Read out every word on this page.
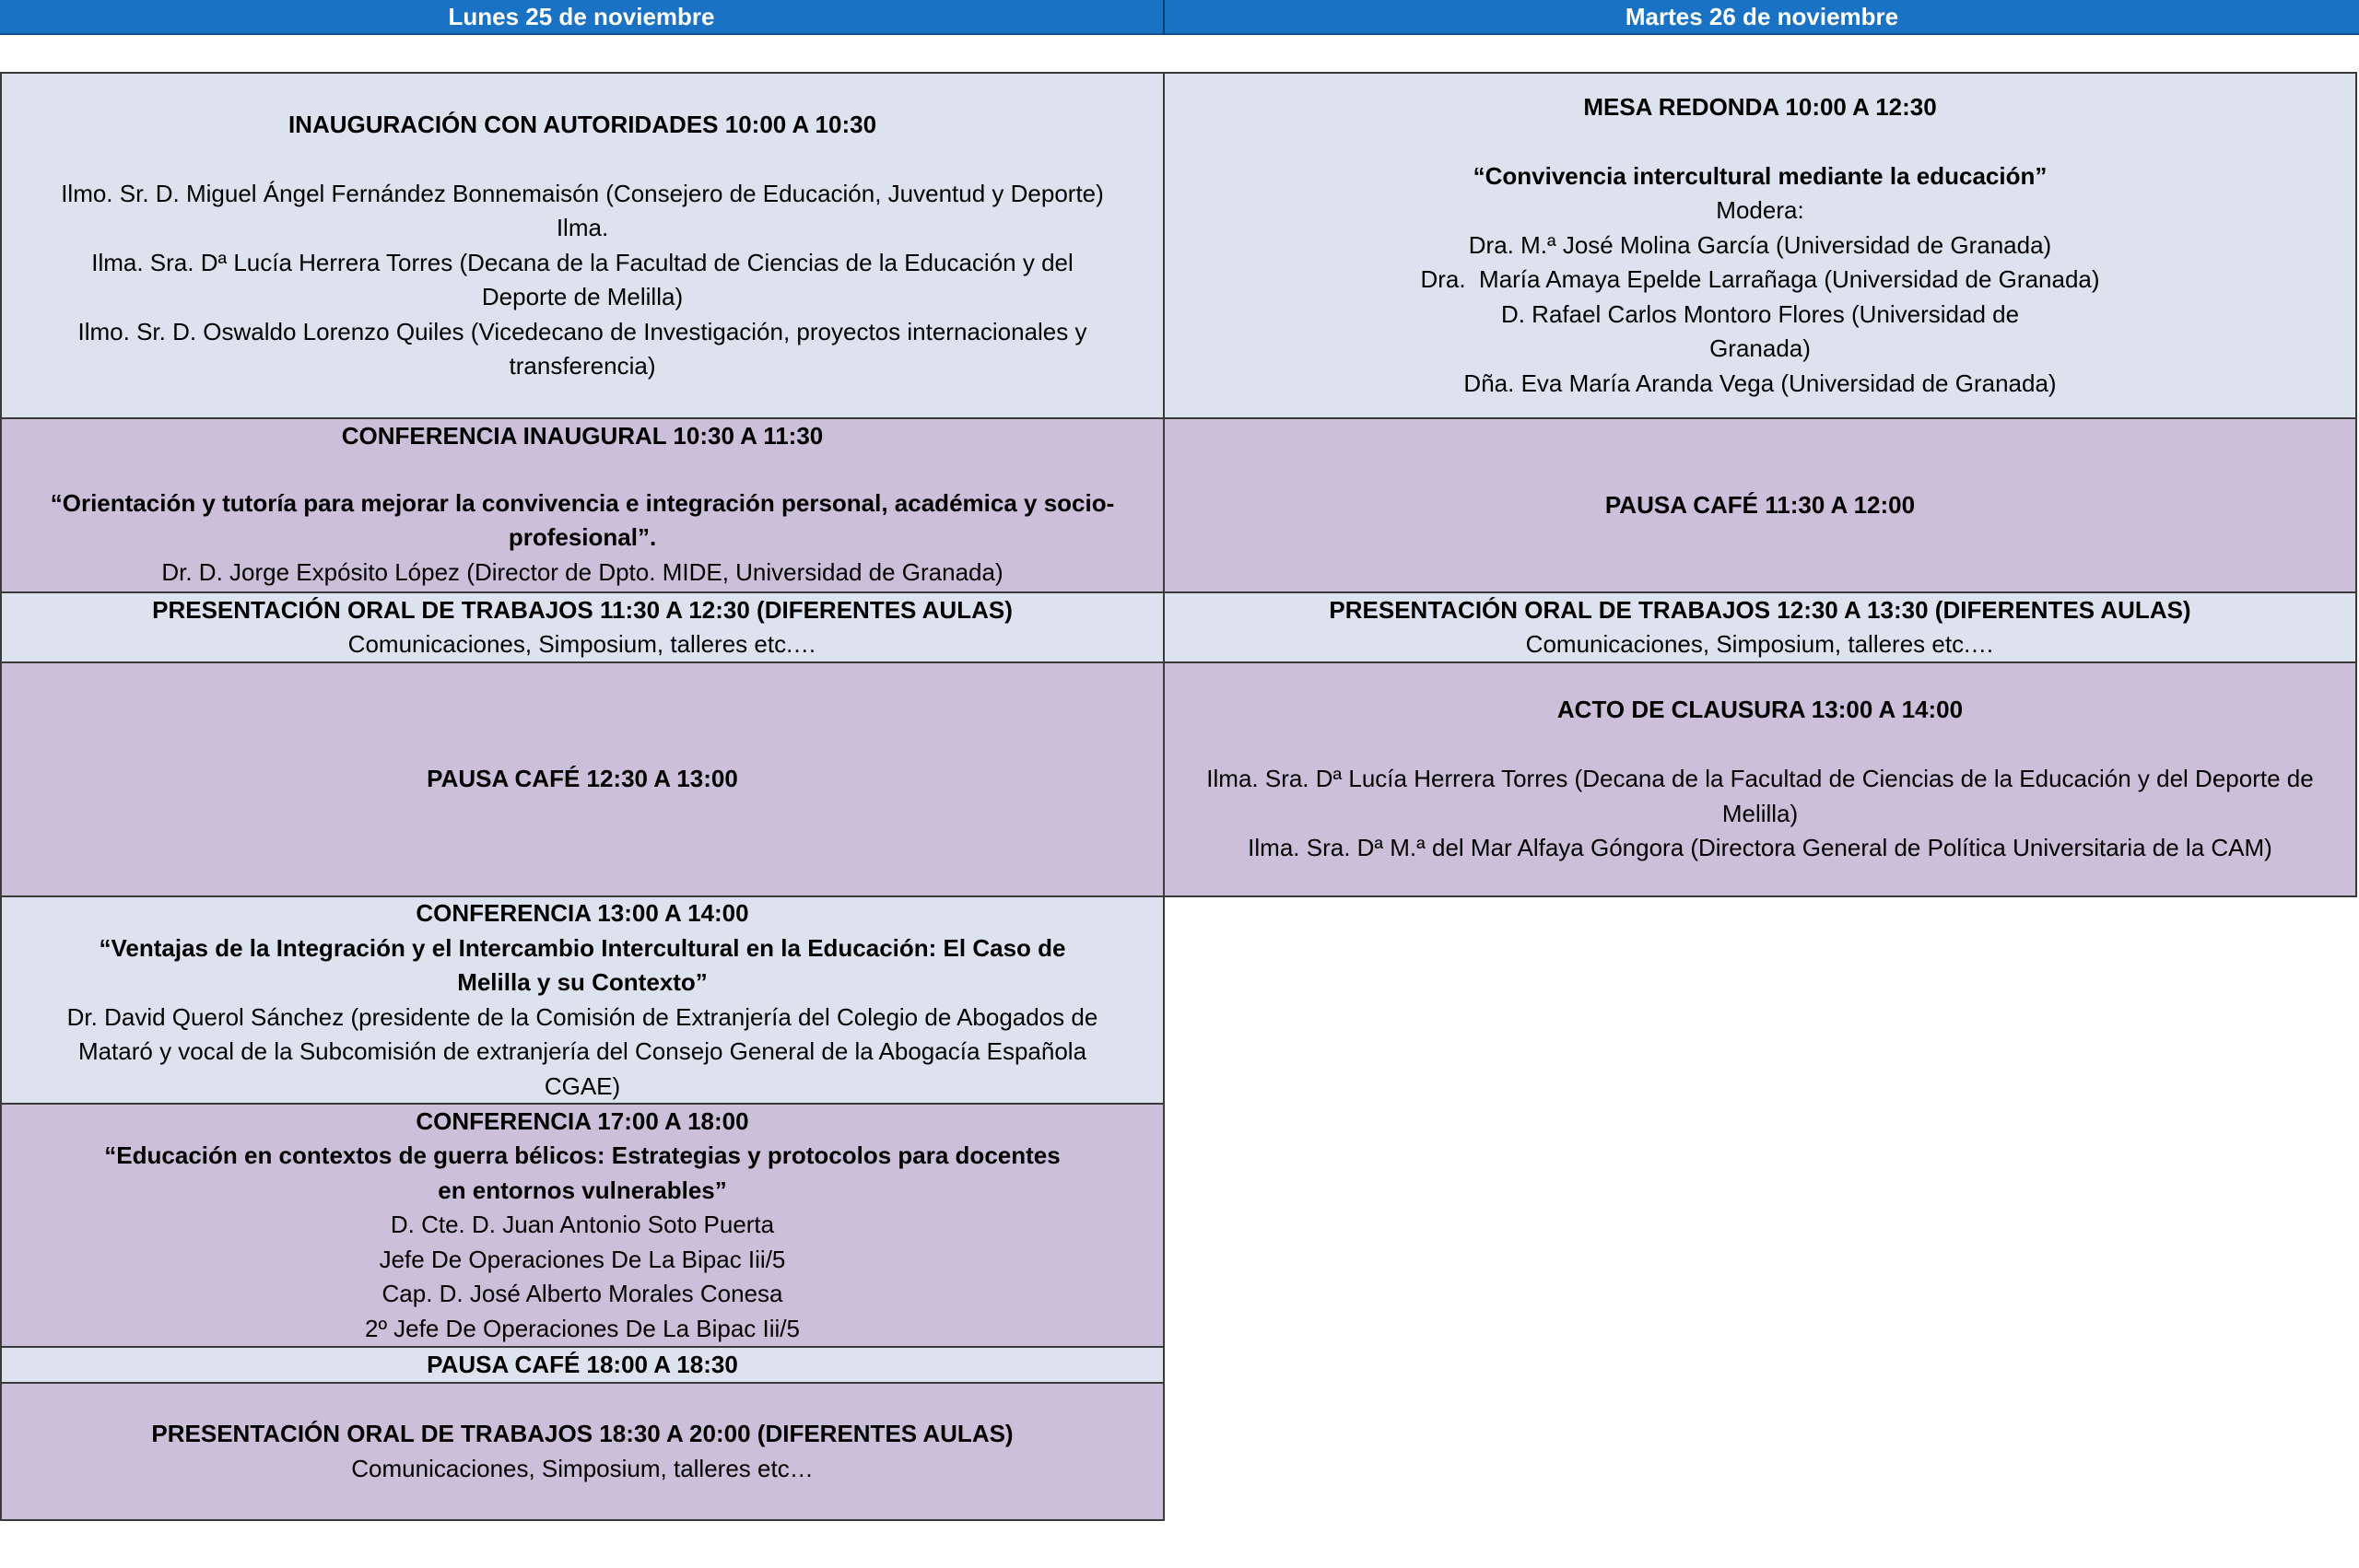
Lunes 25 de noviembre	Martes 26 de noviembre
INAUGURACIÓN CON AUTORIDADES 10:00 A 10:30
Ilmo. Sr. D. Miguel Ángel Fernández Bonnemaisón (Consejero de Educación, Juventud y Deporte)
Ilma.
Ilma. Sra. Dª Lucía Herrera Torres (Decana de la Facultad de Ciencias de la Educación y del Deporte de Melilla)
Ilmo. Sr. D. Oswaldo Lorenzo Quiles (Vicedecano de Investigación, proyectos internacionales y transferencia)
CONFERENCIA INAUGURAL 10:30 A 11:30
“Orientación y tutoría para mejorar la convivencia e integración personal, académica y socio-profesional”.
Dr. D. Jorge Expósito López (Director de Dpto. MIDE, Universidad de Granada)
PRESENTACIÓN ORAL DE TRABAJOS 11:30 A 12:30 (DIFERENTES AULAS)
Comunicaciones, Simposium, talleres etc.…
PAUSA CAFÉ 12:30 A 13:00
CONFERENCIA 13:00 A 14:00
“Ventajas de la Integración y el Intercambio Intercultural en la Educación: El Caso de Melilla y su Contexto”
Dr. David Querol Sánchez (presidente de la Comisión de Extranjería del Colegio de Abogados de Mataró y vocal de la Subcomisión de extranjería del Consejo General de la Abogacía Española CGAE)
CONFERENCIA 17:00 A 18:00
“Educación en contextos de guerra bélicos: Estrategias y protocolos para docentes en entornos vulnerables”
D. Cte. D. Juan Antonio Soto Puerta
Jefe De Operaciones De La Bipac Iii/5
Cap. D. José Alberto Morales Conesa
2º Jefe De Operaciones De La Bipac Iii/5
PAUSA CAFÉ 18:00 A 18:30
PRESENTACIÓN ORAL DE TRABAJOS 18:30 A 20:00 (DIFERENTES AULAS)
Comunicaciones, Simposium, talleres etc…
MESA REDONDA 10:00 A 12:30
“Convivencia intercultural mediante la educación”
Modera:
Dra. M.ª José Molina García (Universidad de Granada)
Dra.  María Amaya Epelde Larrañaga (Universidad de Granada)
D. Rafael Carlos Montoro Flores (Universidad de
Granada)
Dña. Eva María Aranda Vega (Universidad de Granada)
PAUSA CAFÉ 11:30 A 12:00
PRESENTACIÓN ORAL DE TRABAJOS 12:30 A 13:30 (DIFERENTES AULAS)
Comunicaciones, Simposium, talleres etc.…
ACTO DE CLAUSURA 13:00 A 14:00
Ilma. Sra. Dª Lucía Herrera Torres (Decana de la Facultad de Ciencias de la Educación y del Deporte de Melilla)
Ilma. Sra. Dª M.ª del Mar Alfaya Góngora (Directora General de Política Universitaria de la CAM)
